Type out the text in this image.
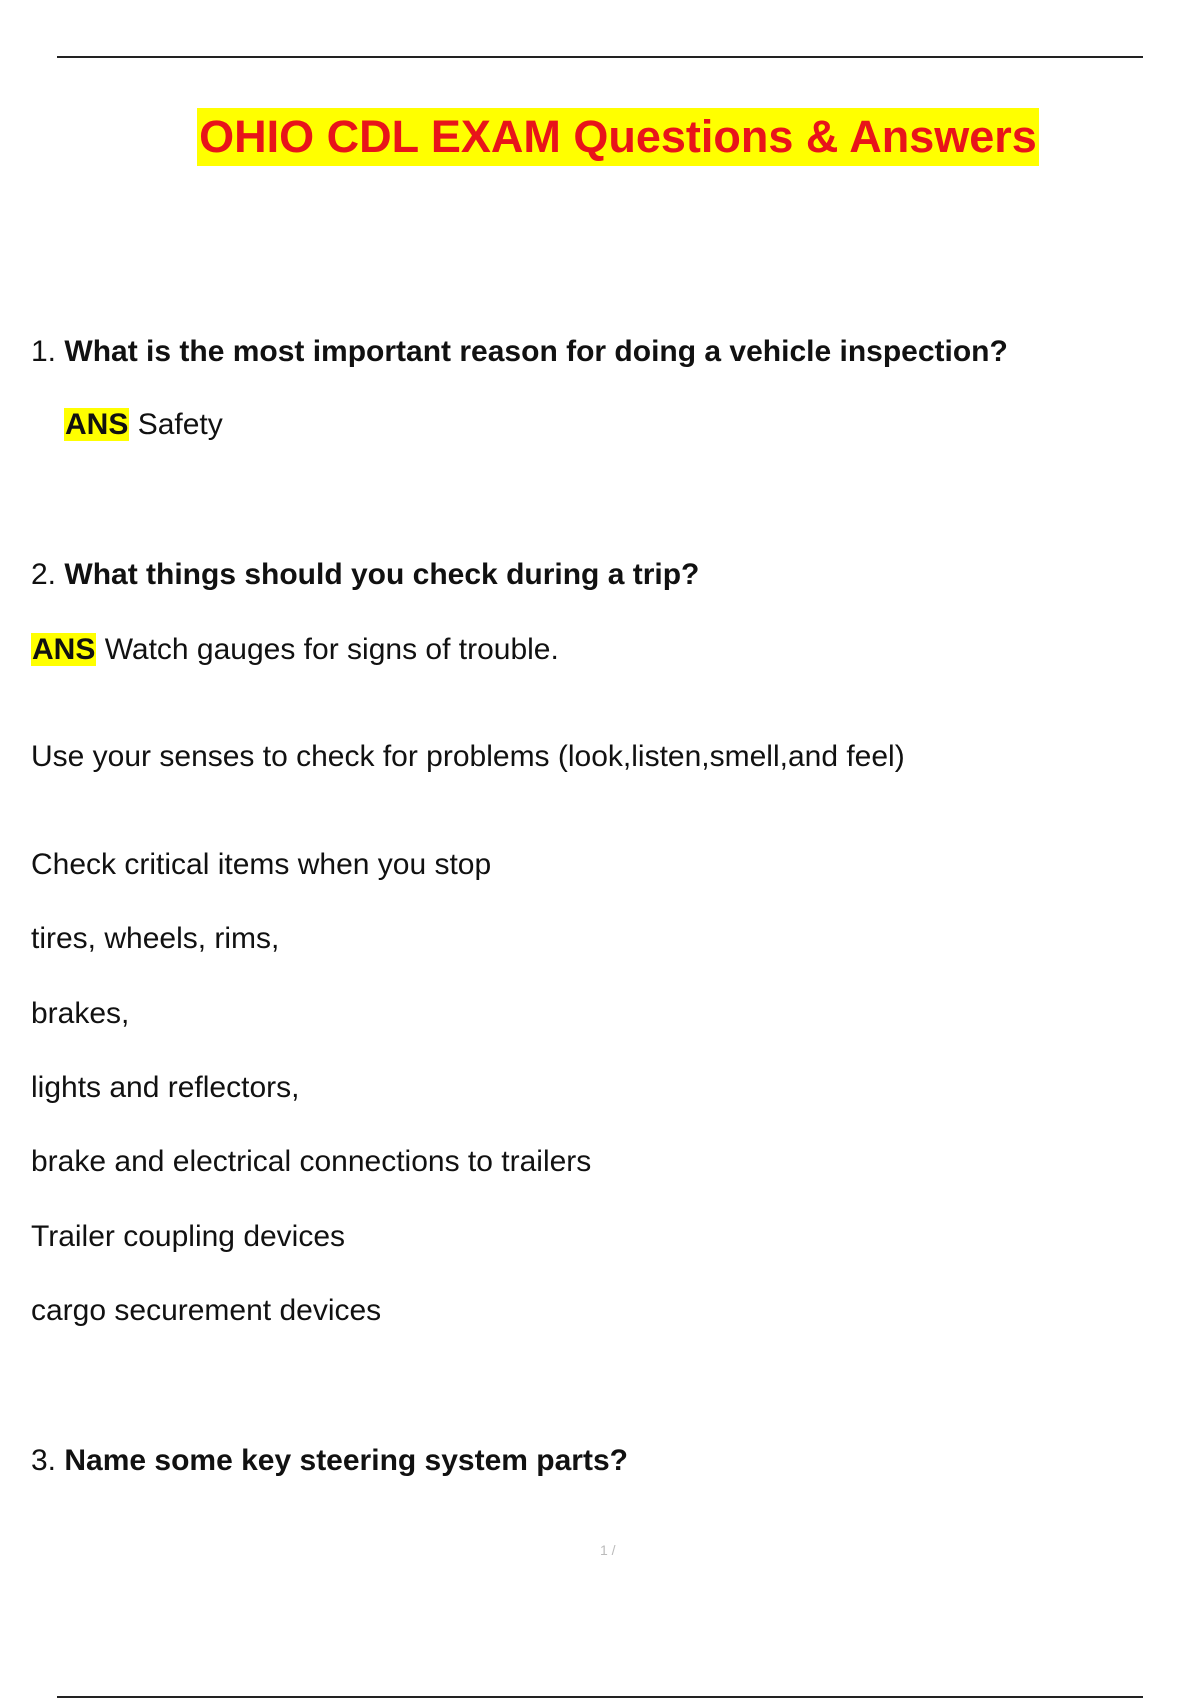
OHIO CDL EXAM Questions & Answers
1. What is the most important reason for doing a vehicle inspection?
ANS Safety
2. What things should you check during a trip?
ANS Watch gauges for signs of trouble.
Use your senses to check for problems (look,listen,smell,and feel)
Check critical items when you stop
tires, wheels, rims,
brakes,
lights and reflectors,
brake and electrical connections to trailers
Trailer coupling devices
cargo securement devices
3. Name some key steering system parts?
1 /
